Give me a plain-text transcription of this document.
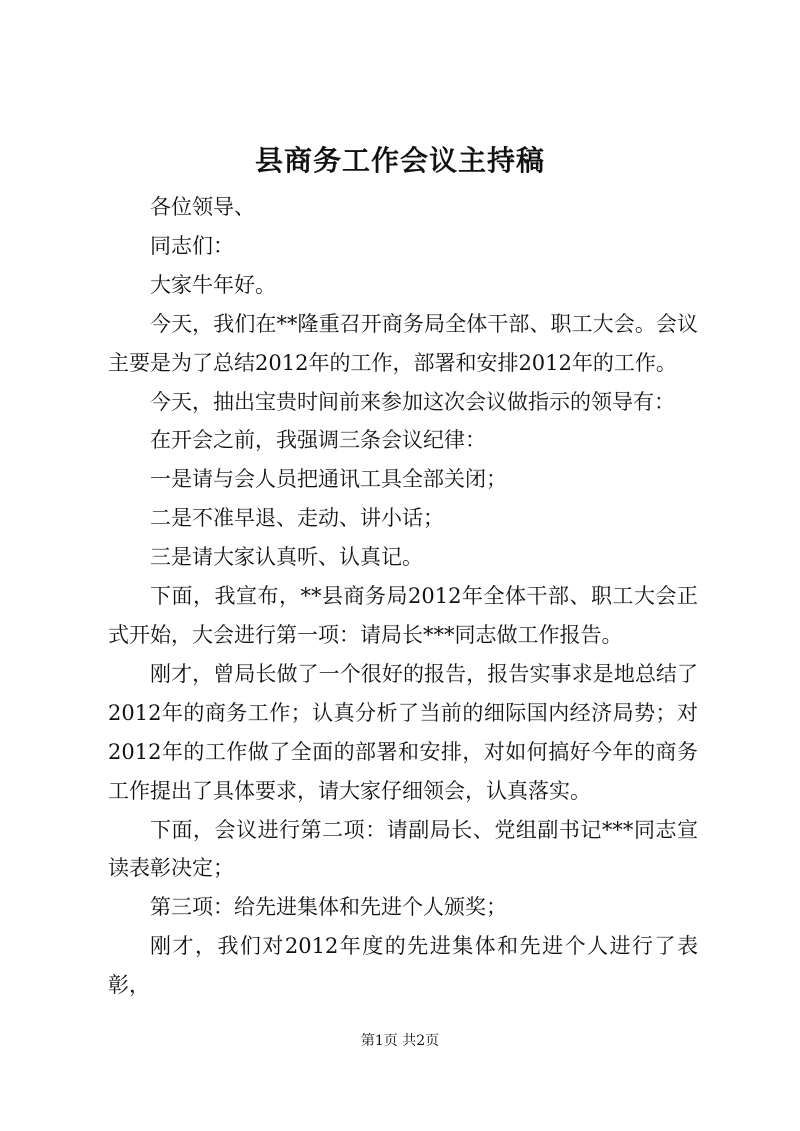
县商务工作会议主持稿

各位领导、

同志们：

大家牛年好。

今天，我们在**隆重召开商务局全体干部、职工大会。会议主要是为了总结2012年的工作，部署和安排2012年的工作。

今天，抽出宝贵时间前来参加这次会议做指示的领导有：

在开会之前，我强调三条会议纪律：

一是请与会人员把通讯工具全部关闭；

二是不准早退、走动、讲小话；

三是请大家认真听、认真记。

下面，我宣布，**县商务局2012年全体干部、职工大会正式开始，大会进行第一项：请局长***同志做工作报告。

刚才，曾局长做了一个很好的报告，报告实事求是地总结了2012年的商务工作；认真分析了当前的细际国内经济局势；对2012年的工作做了全面的部署和安排，对如何搞好今年的商务工作提出了具体要求，请大家仔细领会，认真落实。

下面，会议进行第二项：请副局长、党组副书记***同志宣读表彰决定；

第三项：给先进集体和先进个人颁奖；

刚才，我们对2012年度的先进集体和先进个人进行了表彰，

第1页 共2页
